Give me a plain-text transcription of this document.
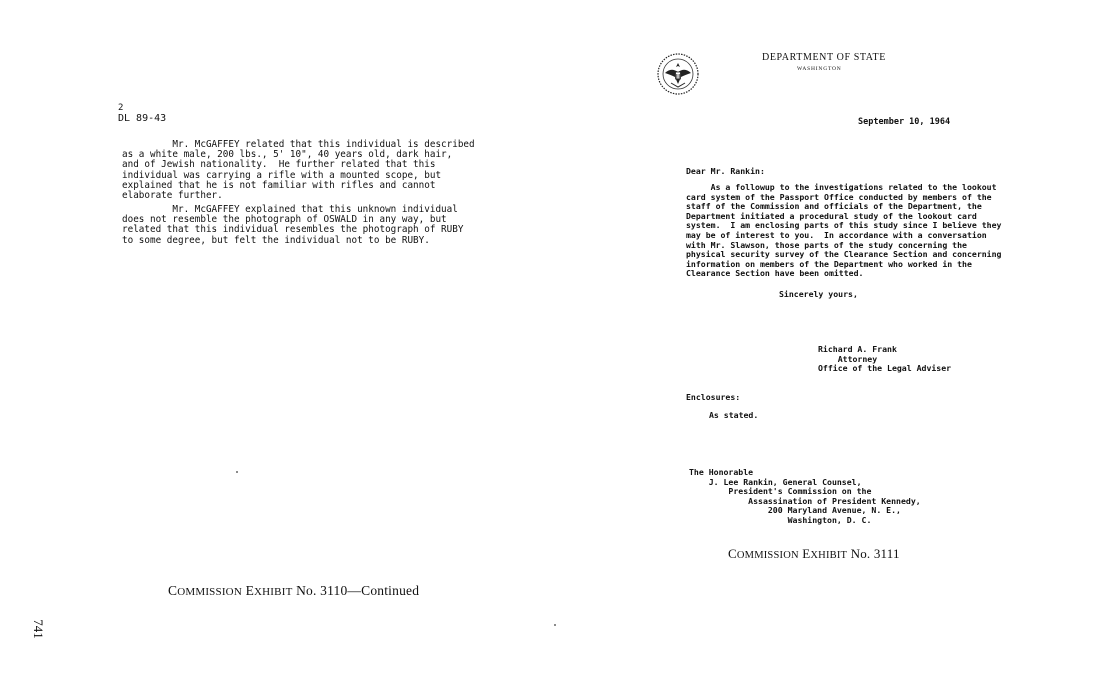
2
DL 89-43
Mr. McGAFFEY related that this individual is described
as a white male, 200 lbs., 5' 10", 40 years old, dark hair,
and of Jewish nationality.  He further related that this
individual was carrying a rifle with a mounted scope, but
explained that he is not familiar with rifles and cannot
elaborate further.
Mr. McGAFFEY explained that this unknown individual
does not resemble the photograph of OSWALD in any way, but
related that this individual resembles the photograph of RUBY
to some degree, but felt the individual not to be RUBY.
COMMISSION EXHIBIT No. 3110—Continued
741
DEPARTMENT OF STATE
WASHINGTON
September 10, 1964
Dear Mr. Rankin:
As a followup to the investigations related to the lookout
card system of the Passport Office conducted by members of the
staff of the Commission and officials of the Department, the
Department initiated a procedural study of the lookout card
system.  I am enclosing parts of this study since I believe they
may be of interest to you.  In accordance with a conversation
with Mr. Slawson, those parts of the study concerning the
physical security survey of the Clearance Section and concerning
information on members of the Department who worked in the
Clearance Section have been omitted.
Sincerely yours,
Richard A. Frank
Attorney
Office of the Legal Adviser
Enclosures:
As stated.
The Honorable
J. Lee Rankin, General Counsel,
President's Commission on the
Assassination of President Kennedy,
200 Maryland Avenue, N. E.,
Washington, D. C.
COMMISSION EXHIBIT No. 3111
